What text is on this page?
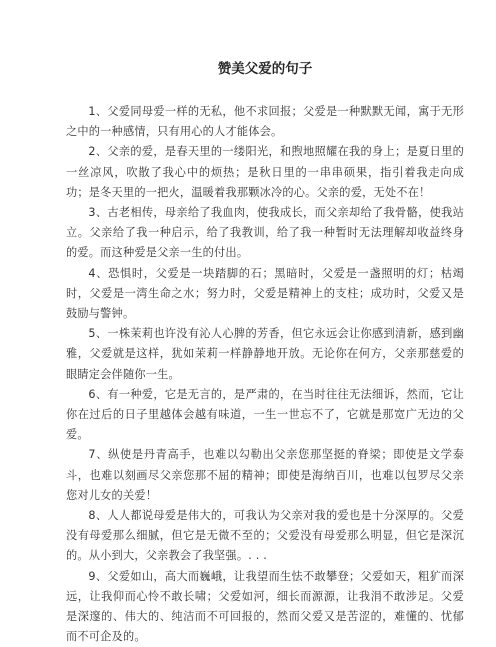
赞美父爱的句子

1、父爱同母爱一样的无私，他不求回报；父爱是一种默默无闻，寓于无形之中的一种感情，只有用心的人才能体会。

2、父亲的爱，是春天里的一缕阳光，和煦地照耀在我的身上；是夏日里的一丝凉风，吹散了我心中的烦热；是秋日里的一串串硕果，指引着我走向成功；是冬天里的一把火，温暖着我那颗冰冷的心。父亲的爱，无处不在！

3、古老相传，母亲给了我血肉，使我成长，而父亲却给了我骨骼，使我站立。父亲给了我一种启示，给了我教训，给了我一种暂时无法理解却收益终身的爱。而这种爱是父亲一生的付出。

4、恐惧时，父爱是一块踏脚的石；黑暗时，父爱是一盏照明的灯；枯竭时，父爱是一湾生命之水；努力时，父爱是精神上的支柱；成功时，父爱又是鼓励与警钟。

5、一株茉莉也许没有沁人心脾的芳香，但它永远会让你感到清新，感到幽雅，父爱就是这样，犹如茉莉一样静静地开放。无论你在何方，父亲那慈爱的眼睛定会伴随你一生。

6、有一种爱，它是无言的，是严肃的，在当时往往无法细诉，然而，它让你在过后的日子里越体会越有味道，一生一世忘不了，它就是那宽广无边的父爱。

7、纵使是丹青高手，也难以勾勒出父亲您那坚挺的脊梁；即使是文学泰斗，也难以刻画尽父亲您那不屈的精神；即使是海纳百川，也难以包罗尽父亲您对儿女的关爱！

8、人人都说母爱是伟大的，可我认为父亲对我的爱也是十分深厚的。父爱没有母爱那么细腻，但它是无微不至的；父爱没有母爱那么明显，但它是深沉的。从小到大，父亲教会了我坚强。. . .

9、父爱如山，高大而巍峨，让我望而生怯不敢攀登；父爱如天，粗犷而深远，让我仰而心怜不敢长啸；父爱如河，细长而源源，让我涓不敢涉足。父爱是深邃的、伟大的、纯洁而不可回报的，然而父爱又是苦涩的，难懂的、忧郁而不可企及的。
